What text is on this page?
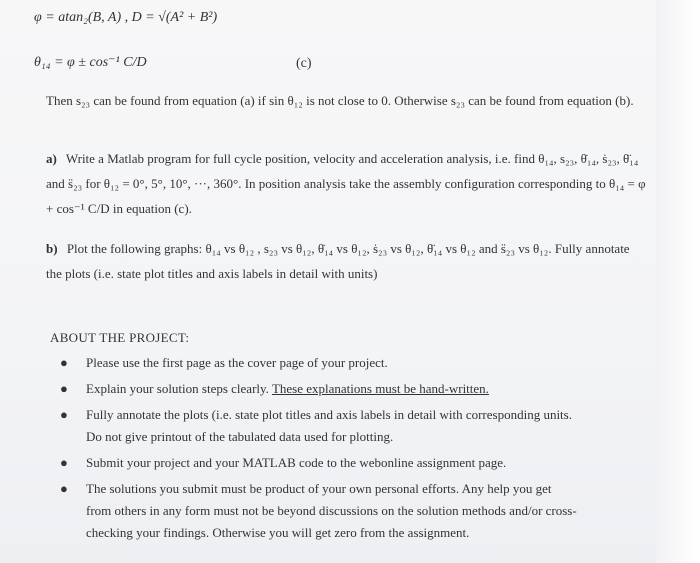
φ = atan₂(B, A) , D = √(A² + B²)
θ₁₄ = φ ± cos⁻¹ C/D	(c)
Then s₂₃ can be found from equation (a) if sin θ₁₂ is not close to 0. Otherwise s₂₃ can be found from equation (b).
a) Write a Matlab program for full cycle position, velocity and acceleration analysis, i.e. find θ₁₄, s₂₃, θ̇₁₄, ṡ₂₃, θ̈₁₄ and s̈₂₃ for θ₁₂ = 0°, 5°, 10°, ···, 360°. In position analysis take the assembly configuration corresponding to θ₁₄ = φ + cos⁻¹ C/D in equation (c).
b) Plot the following graphs: θ₁₄ vs θ₁₂ , s₂₃ vs θ₁₂, θ̇₁₄ vs θ₁₂, ṡ₂₃ vs θ₁₂, θ̈₁₄ vs θ₁₂ and s̈₂₃ vs θ₁₂. Fully annotate the plots (i.e. state plot titles and axis labels in detail with units)
ABOUT THE PROJECT:
●	Please use the first page as the cover page of your project.
●	Explain your solution steps clearly. These explanations must be hand-written.
●	Fully annotate the plots (i.e. state plot titles and axis labels in detail with corresponding units. Do not give printout of the tabulated data used for plotting.
●	Submit your project and your MATLAB code to the webonline assignment page.
●	The solutions you submit must be product of your own personal efforts. Any help you get from others in any form must not be beyond discussions on the solution methods and/or cross-checking your findings. Otherwise you will get zero from the assignment.
